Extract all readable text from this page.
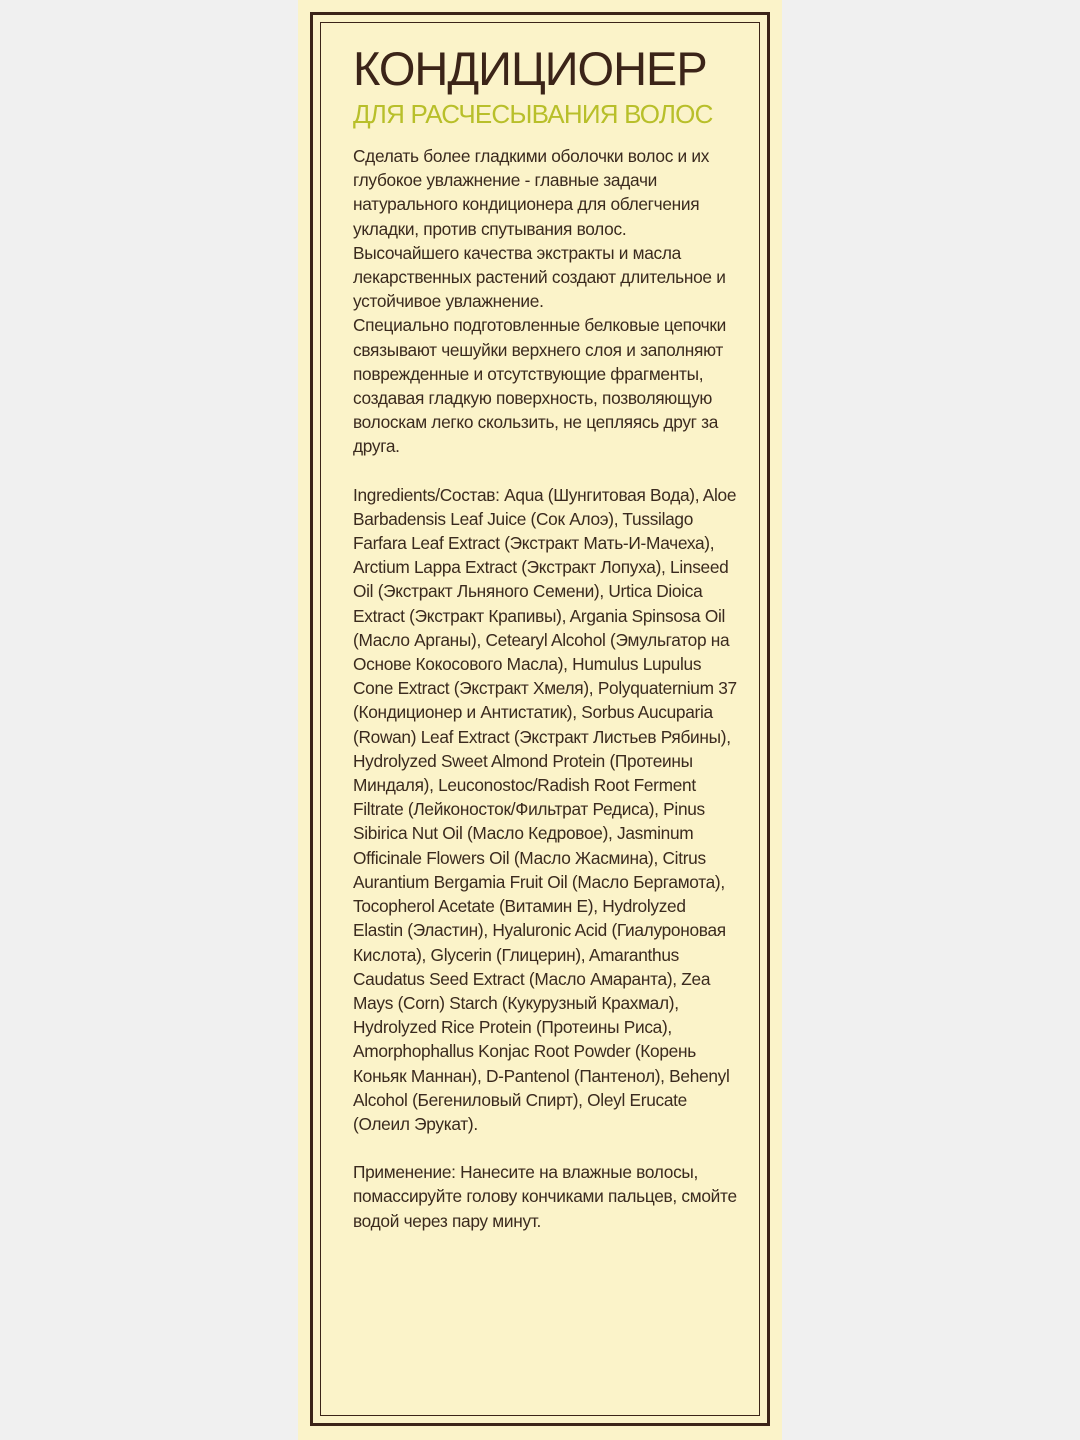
КОНДИЦИОНЕР

ДЛЯ РАСЧЕСЫВАНИЯ ВОЛОС

Сделать более гладкими оболочки волос и их глубокое увлажнение - главные задачи натурального кондиционера для облегчения укладки, против спутывания волос.

Высочайшего качества экстракты и масла лекарственных растений создают длительное и устойчивое увлажнение.

Специально подготовленные белковые цепочки связывают чешуйки верхнего слоя и заполняют поврежденные и отсутствующие фрагменты, создавая гладкую поверхность, позволяющую волоскам легко скользить, не цепляясь друг за друга.

Ingredients/Состав: Aqua (Шунгитовая Вода), Aloe Barbadensis Leaf Juice (Сок Алоэ), Tussilago Farfara Leaf Extract (Экстракт Мать-И-Мачеха), Arctium Lappa Extract (Экстракт Лопуха), Linseed Oil (Экстракт Льняного Семени), Urtica Dioica Extract (Экстракт Крапивы), Argania Spinsosa Oil (Масло Арганы), Cetearyl Alcohol (Эмульгатор на Основе Кокосового Масла), Humulus Lupulus Cone Extract (Экстракт Хмеля), Polyquaternium 37 (Кондиционер и Антистатик), Sorbus Aucuparia (Rowan) Leaf Extract (Экстракт Листьев Рябины), Hydrolyzed Sweet Almond Protein (Протеины Миндаля), Leuconostoc/Radish Root Ferment Filtrate (Лейконосток/Фильтрат Редиса), Pinus Sibirica Nut Oil (Масло Кедровое), Jasminum Officinale Flowers Oil (Масло Жасмина), Citrus Aurantium Bergamia Fruit Oil (Масло Бергамота), Tocopherol Acetate (Витамин Е), Hydrolyzed Elastin (Эластин), Hyaluronic Acid (Гиалуроновая Кислота), Glycerin (Глицерин), Amaranthus Caudatus Seed Extract (Масло Амаранта), Zea Mays (Corn) Starch (Кукурузный Крахмал), Hydrolyzed Rice Protein (Протеины Риса), Amorphophallus Konjac Root Powder (Корень Коньяк Маннан), D-Pantenol (Пантенол), Behenyl Alcohol (Бегениловый Спирт), Oleyl Erucate (Олеил Эрукат).

Применение: Нанесите на влажные волосы, помассируйте голову кончиками пальцев, смойте водой через пару минут.
